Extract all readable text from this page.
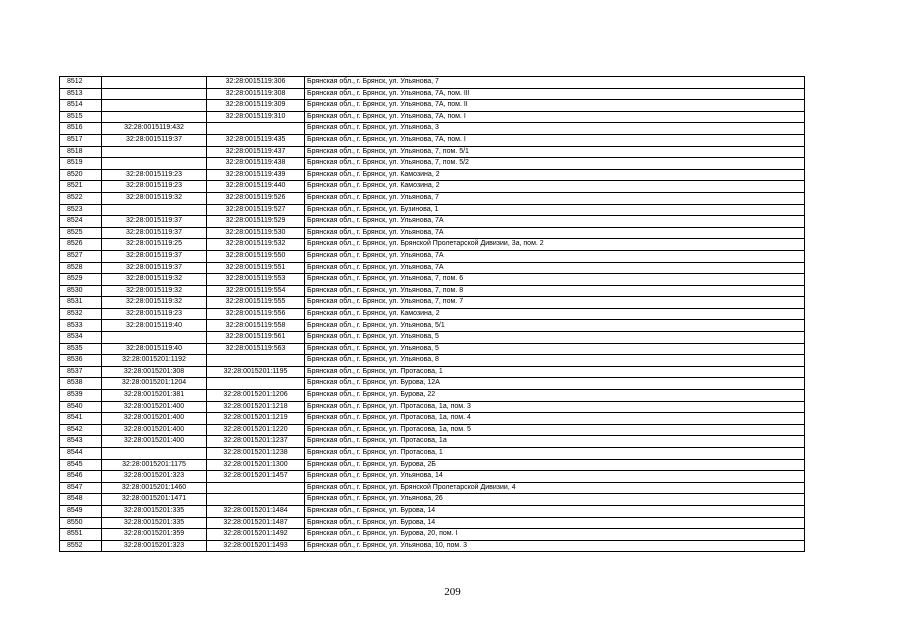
8512		32:28:0015119:306	Брянская обл., г. Брянск, ул. Ульянова, 7
8513		32:28:0015119:308	Брянская обл., г. Брянск, ул. Ульянова, 7А, пом. III
8514		32:28:0015119:309	Брянская обл., г. Брянск, ул. Ульянова, 7А, пом. II
8515		32:28:0015119:310	Брянская обл., г. Брянск, ул. Ульянова, 7А, пом. I
8516	32:28:0015119:432		Брянская обл., г. Брянск, ул. Ульянова, 3
8517	32:28:0015119:37	32:28:0015119:435	Брянская обл., г. Брянск, ул. Ульянова, 7А, пом. I
8518		32:28:0015119:437	Брянская обл., г. Брянск, ул. Ульянова, 7, пом. 5/1
8519		32:28:0015119:438	Брянская обл., г. Брянск, ул. Ульянова, 7, пом. 5/2
8520	32:28:0015119:23	32:28:0015119:439	Брянская обл., г. Брянск, ул. Камозина, 2
8521	32:28:0015119:23	32:28:0015119:440	Брянская обл., г. Брянск, ул. Камозина, 2
8522	32:28:0015119:32	32:28:0015119:526	Брянская обл., г. Брянск, ул. Ульянова, 7
8523		32:28:0015119:527	Брянская обл., г. Брянск, ул. Бузинова, 1
8524	32:28:0015119:37	32:28:0015119:529	Брянская обл., г. Брянск, ул. Ульянова, 7А
8525	32:28:0015119:37	32:28:0015119:530	Брянская обл., г. Брянск, ул. Ульянова, 7А
8526	32:28:0015119:25	32:28:0015119:532	Брянская обл., г. Брянск, ул. Брянской Пролетарской Дивизии, 3а, пом. 2
8527	32:28:0015119:37	32:28:0015119:550	Брянская обл., г. Брянск, ул. Ульянова, 7А
8528	32:28:0015119:37	32:28:0015119:551	Брянская обл., г. Брянск, ул. Ульянова, 7А
8529	32:28:0015119:32	32:28:0015119:553	Брянская обл., г. Брянск, ул. Ульянова, 7, пом. 6
8530	32:28:0015119:32	32:28:0015119:554	Брянская обл., г. Брянск, ул. Ульянова, 7, пом. 8
8531	32:28:0015119:32	32:28:0015119:555	Брянская обл., г. Брянск, ул. Ульянова, 7, пом. 7
8532	32:28:0015119:23	32:28:0015119:556	Брянская обл., г. Брянск, ул. Камозина, 2
8533	32:28:0015119:40	32:28:0015119:558	Брянская обл., г. Брянск, ул. Ульянова, 5/1
8534		32:28:0015119:561	Брянская обл., г. Брянск, ул. Ульянова, 5
8535	32:28:0015119:40	32:28:0015119:563	Брянская обл., г. Брянск, ул. Ульянова, 5
8536	32:28:0015201:1192		Брянская обл., г. Брянск, ул. Ульянова, 8
8537	32:28:0015201:308	32:28:0015201:1195	Брянская обл., г. Брянск, ул. Протасова, 1
8538	32:28:0015201:1204		Брянская обл., г. Брянск, ул. Бурова, 12А
8539	32:28:0015201:381	32:28:0015201:1206	Брянская обл., г. Брянск, ул. Бурова, 22
8540	32:28:0015201:400	32:28:0015201:1218	Брянская обл., г. Брянск, ул. Протасова, 1а, пом. 3
8541	32:28:0015201:400	32:28:0015201:1219	Брянская обл., г. Брянск, ул. Протасова, 1а, пом. 4
8542	32:28:0015201:400	32:28:0015201:1220	Брянская обл., г. Брянск, ул. Протасова, 1а, пом. 5
8543	32:28:0015201:400	32:28:0015201:1237	Брянская обл., г. Брянск, ул. Протасова, 1а
8544		32:28:0015201:1238	Брянская обл., г. Брянск, ул. Протасова, 1
8545	32:28:0015201:1175	32:28:0015201:1300	Брянская обл., г. Брянск, ул. Бурова, 2Б
8546	32:28:0015201:323	32:28:0015201:1457	Брянская обл., г. Брянск, ул. Ульянова, 14
8547	32:28:0015201:1460		Брянская обл., г. Брянск, ул. Брянской Пролетарской Дивизии, 4
8548	32:28:0015201:1471		Брянская обл., г. Брянск, ул. Ульянова, 26
8549	32:28:0015201:335	32:28:0015201:1484	Брянская обл., г. Брянск, ул. Бурова, 14
8550	32:28:0015201:335	32:28:0015201:1487	Брянская обл., г. Брянск, ул. Бурова, 14
8551	32:28:0015201:359	32:28:0015201:1492	Брянская обл., г. Брянск, ул. Бурова, 20, пом. I
8552	32:28:0015201:323	32:28:0015201:1493	Брянская обл., г. Брянск, ул. Ульянова, 10, пом. 3
209
